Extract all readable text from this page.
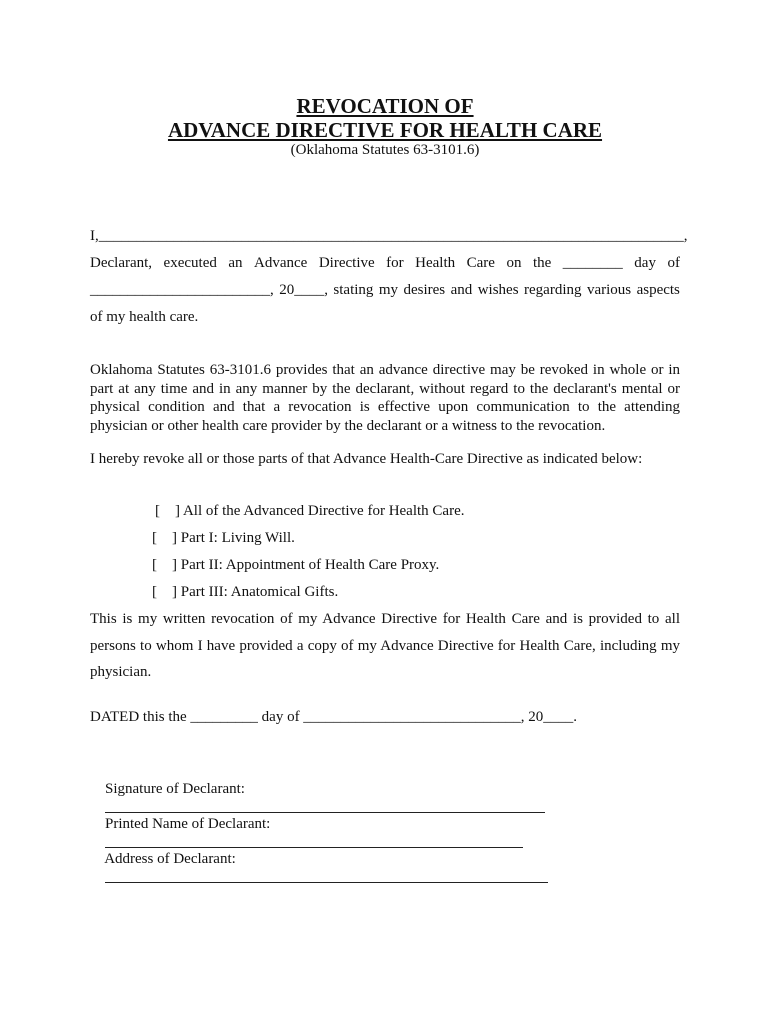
REVOCATION OF
ADVANCE DIRECTIVE FOR HEALTH CARE
(Oklahoma Statutes 63-3101.6)
I, ______________________________________________________________________________ ,
Declarant, executed an Advance Directive for Health Care on the ________ day of
________________________, 20____, stating my desires and wishes regarding various aspects
of my health care.
Oklahoma Statutes 63-3101.6 provides that an advance directive may be revoked in whole or in part at any time and in any manner by the declarant, without regard to the declarant's mental or physical condition and that a revocation is effective upon communication to the attending physician or other health care provider by the declarant or a witness to the revocation.
I hereby revoke all or those parts of that Advance Health-Care Directive as indicated below:

[    ] All of the Advanced Directive for Health Care.

[    ] Part I: Living Will.

[    ] Part II: Appointment of Health Care Proxy.

[    ] Part III: Anatomical Gifts.

This is my written revocation of my Advance Directive for Health Care and is provided to all persons to whom I have provided a copy of my Advance Directive for Health Care, including my physician.
DATED this the _________ day of _____________________________, 20____.

Signature of Declarant:

Printed Name of Declarant:

Address of Declarant:
